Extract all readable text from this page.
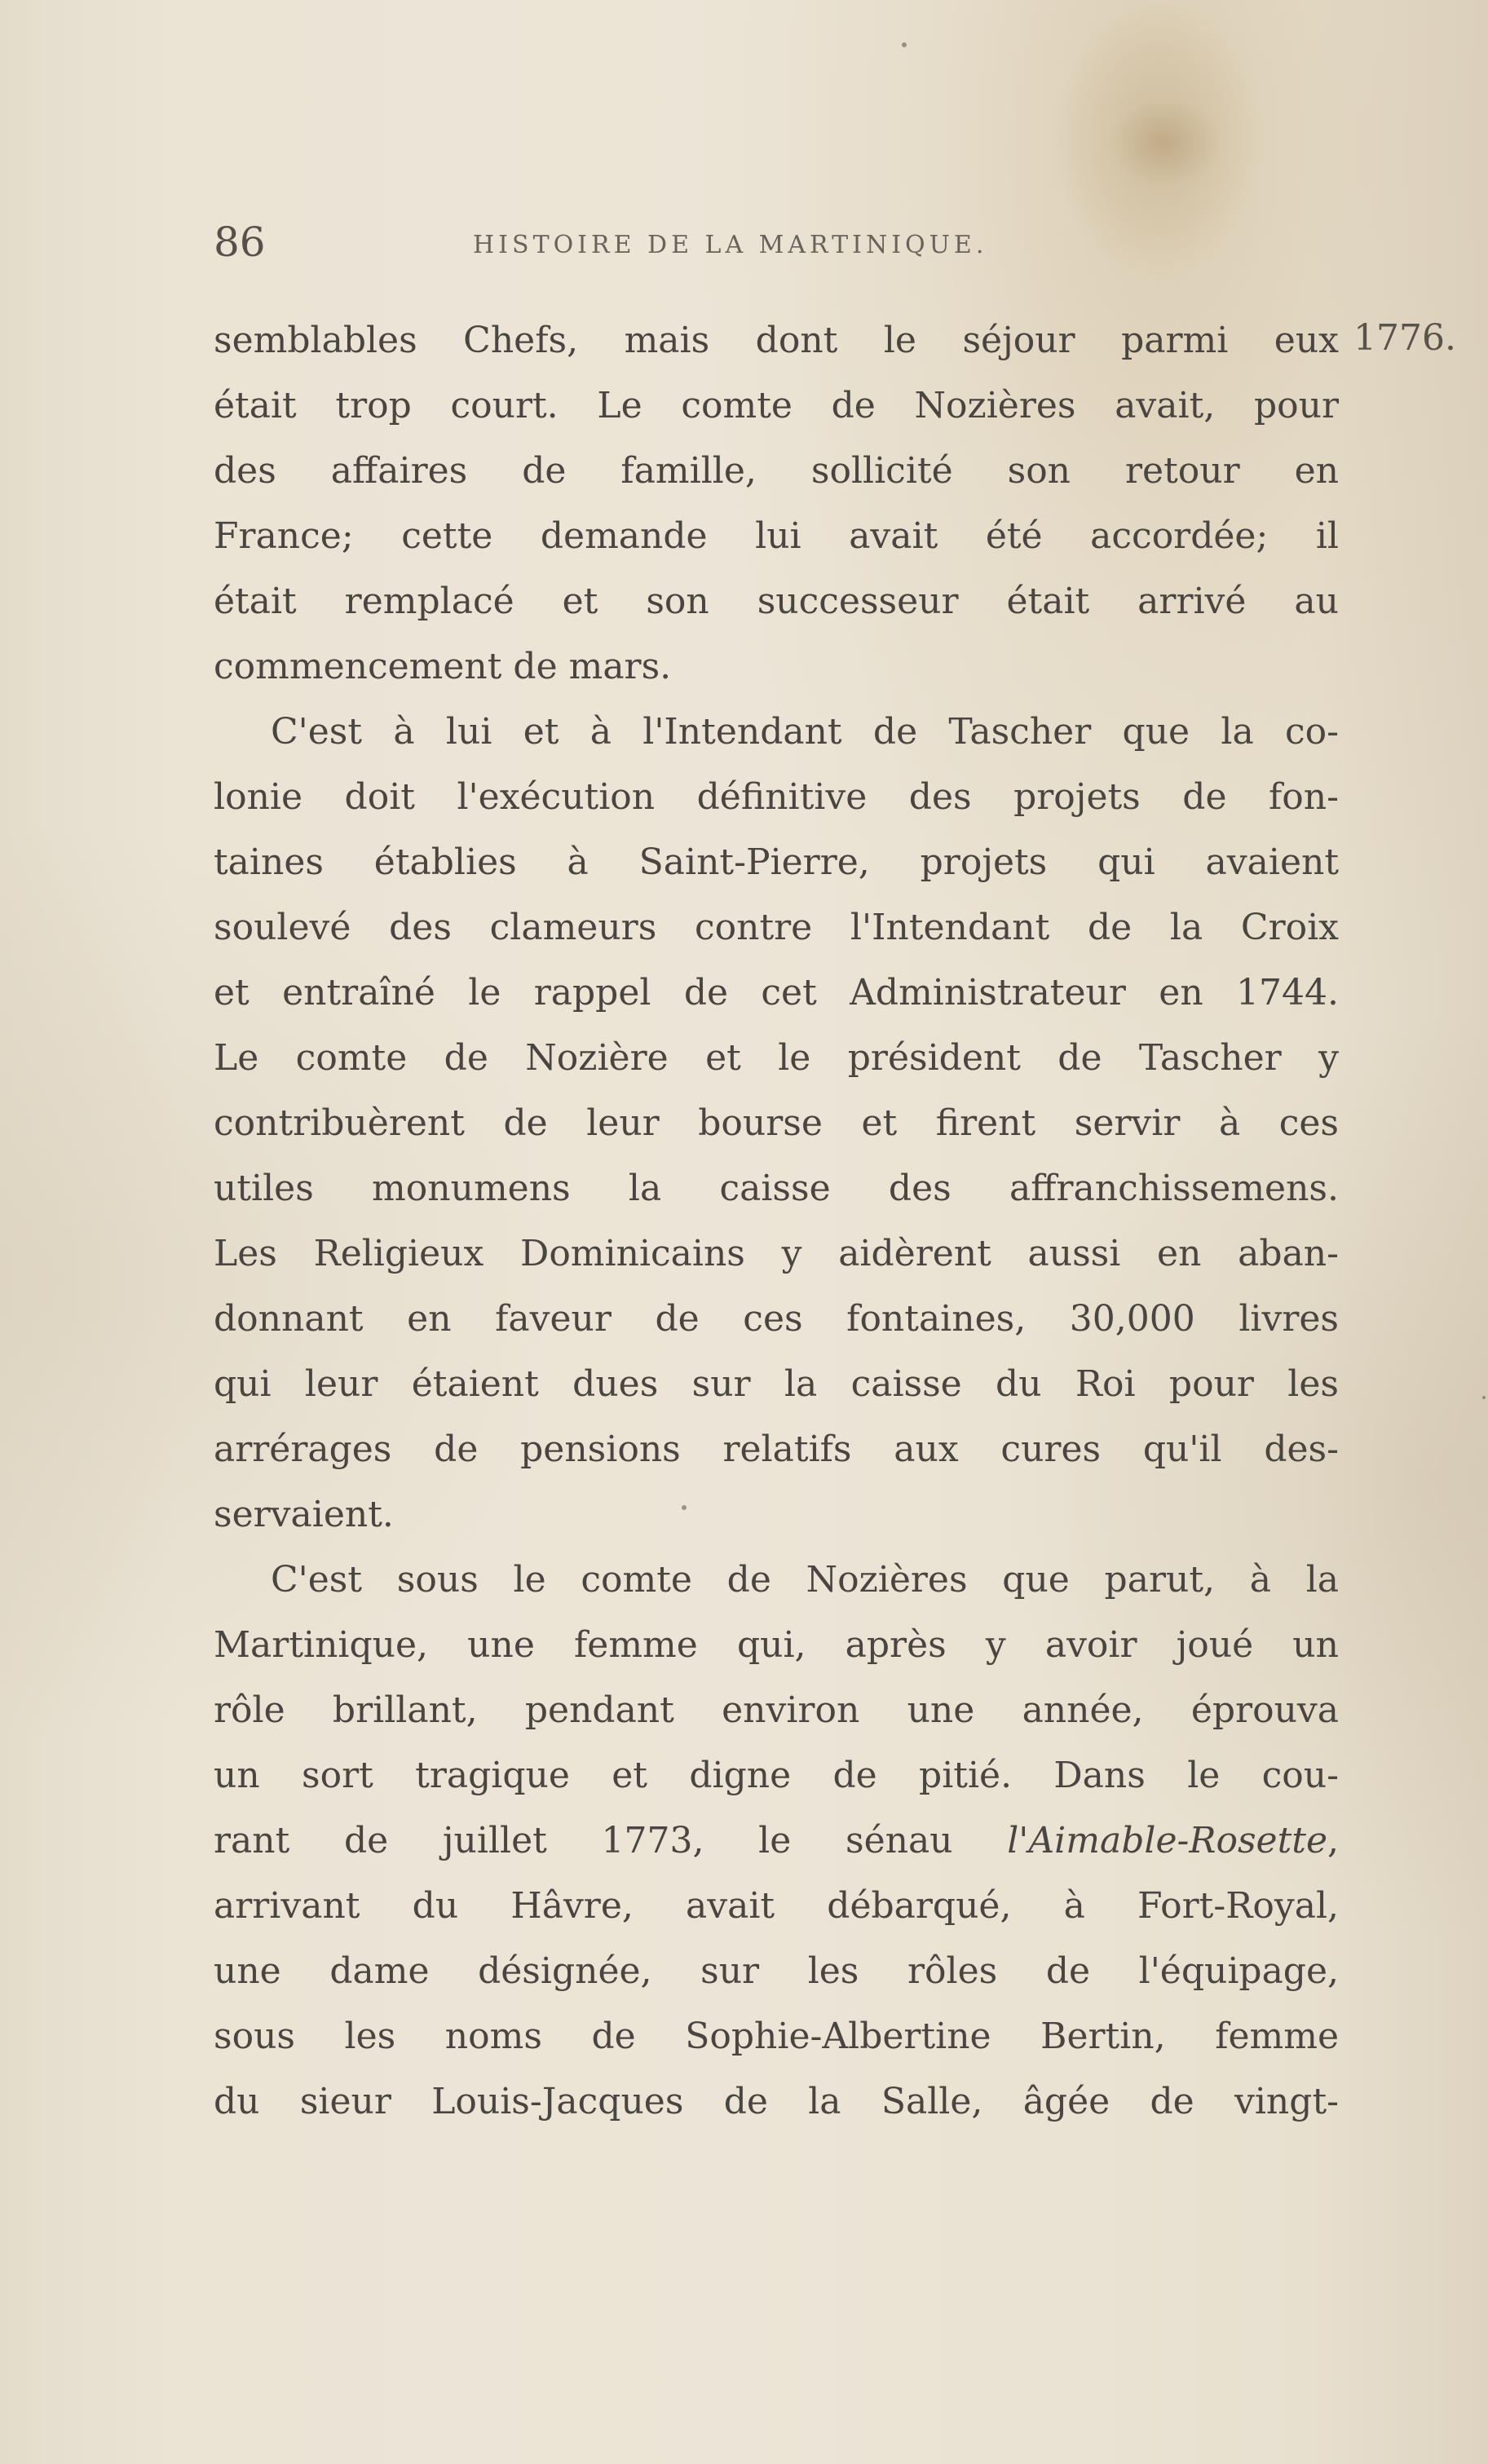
86	HISTOIRE DE LA MARTINIQUE.
1776.
semblables Chefs, mais dont le séjour parmi eux
était trop court. Le comte de Nozières avait, pour
des affaires de famille, sollicité son retour en
France; cette demande lui avait été accordée; il
était remplacé et son successeur était arrivé au
commencement de mars.
C'est à lui et à l'Intendant de Tascher que la co-
lonie doit l'exécution définitive des projets de fon-
taines établies à Saint-Pierre, projets qui avaient
soulevé des clameurs contre l'Intendant de la Croix
et entraîné le rappel de cet Administrateur en 1744.
Le comte de Nozière et le président de Tascher y
contribuèrent de leur bourse et firent servir à ces
utiles monumens la caisse des affranchissemens.
Les Religieux Dominicains y aidèrent aussi en aban-
donnant en faveur de ces fontaines, 30,000 livres
qui leur étaient dues sur la caisse du Roi pour les
arrérages de pensions relatifs aux cures qu'il des-
servaient.
C'est sous le comte de Nozières que parut, à la
Martinique, une femme qui, après y avoir joué un
rôle brillant, pendant environ une année, éprouva
un sort tragique et digne de pitié. Dans le cou-
rant de juillet 1773, le sénau l'Aimable-Rosette,
arrivant du Hâvre, avait débarqué, à Fort-Royal,
une dame désignée, sur les rôles de l'équipage,
sous les noms de Sophie-Albertine Bertin, femme
du sieur Louis-Jacques de la Salle, âgée de vingt-
